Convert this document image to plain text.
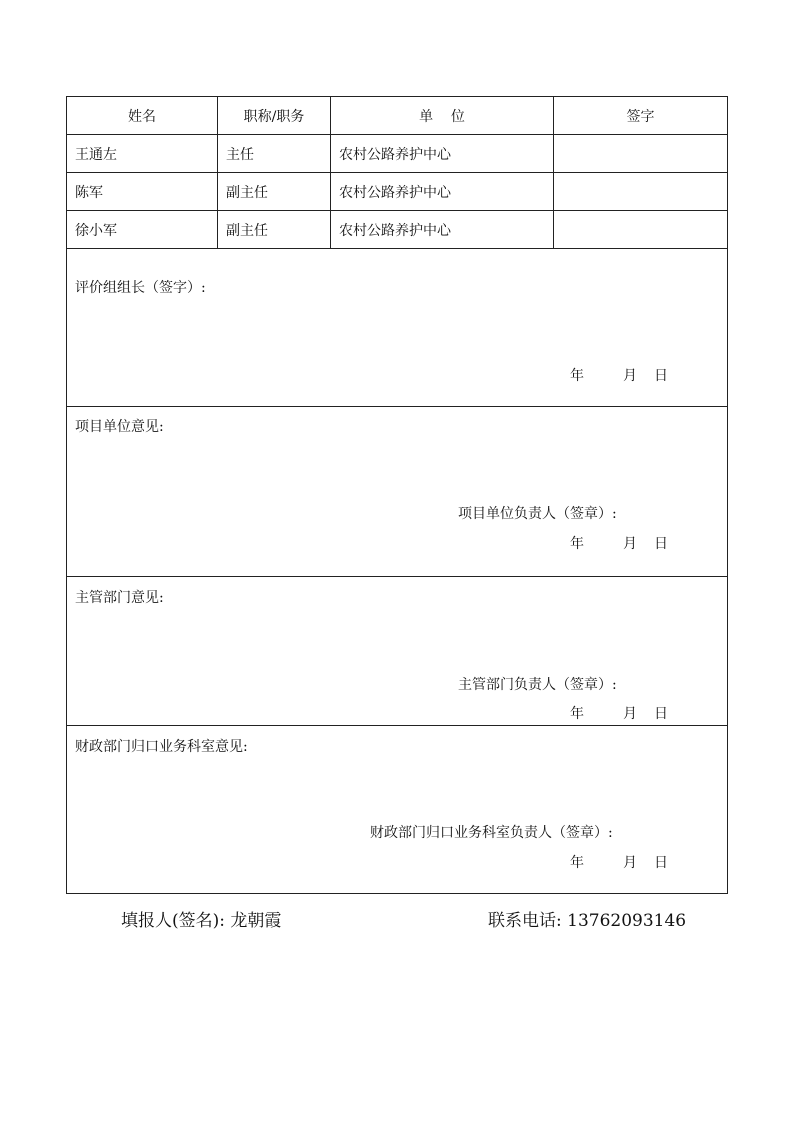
姓名	职称/职务	单    位	签字
王通左	主任	农村公路养护中心
陈军	副主任	农村公路养护中心
徐小军	副主任	农村公路养护中心
评价组组长（签字）:
年	月 日
项目单位意见:
项目单位负责人（签章）:
年	月 日
主管部门意见:
主管部门负责人（签章）:
年	月 日
财政部门归口业务科室意见:
财政部门归口业务科室负责人（签章）:
年	月 日
填报人(签名): 龙朝霞	联系电话: 13762093146
